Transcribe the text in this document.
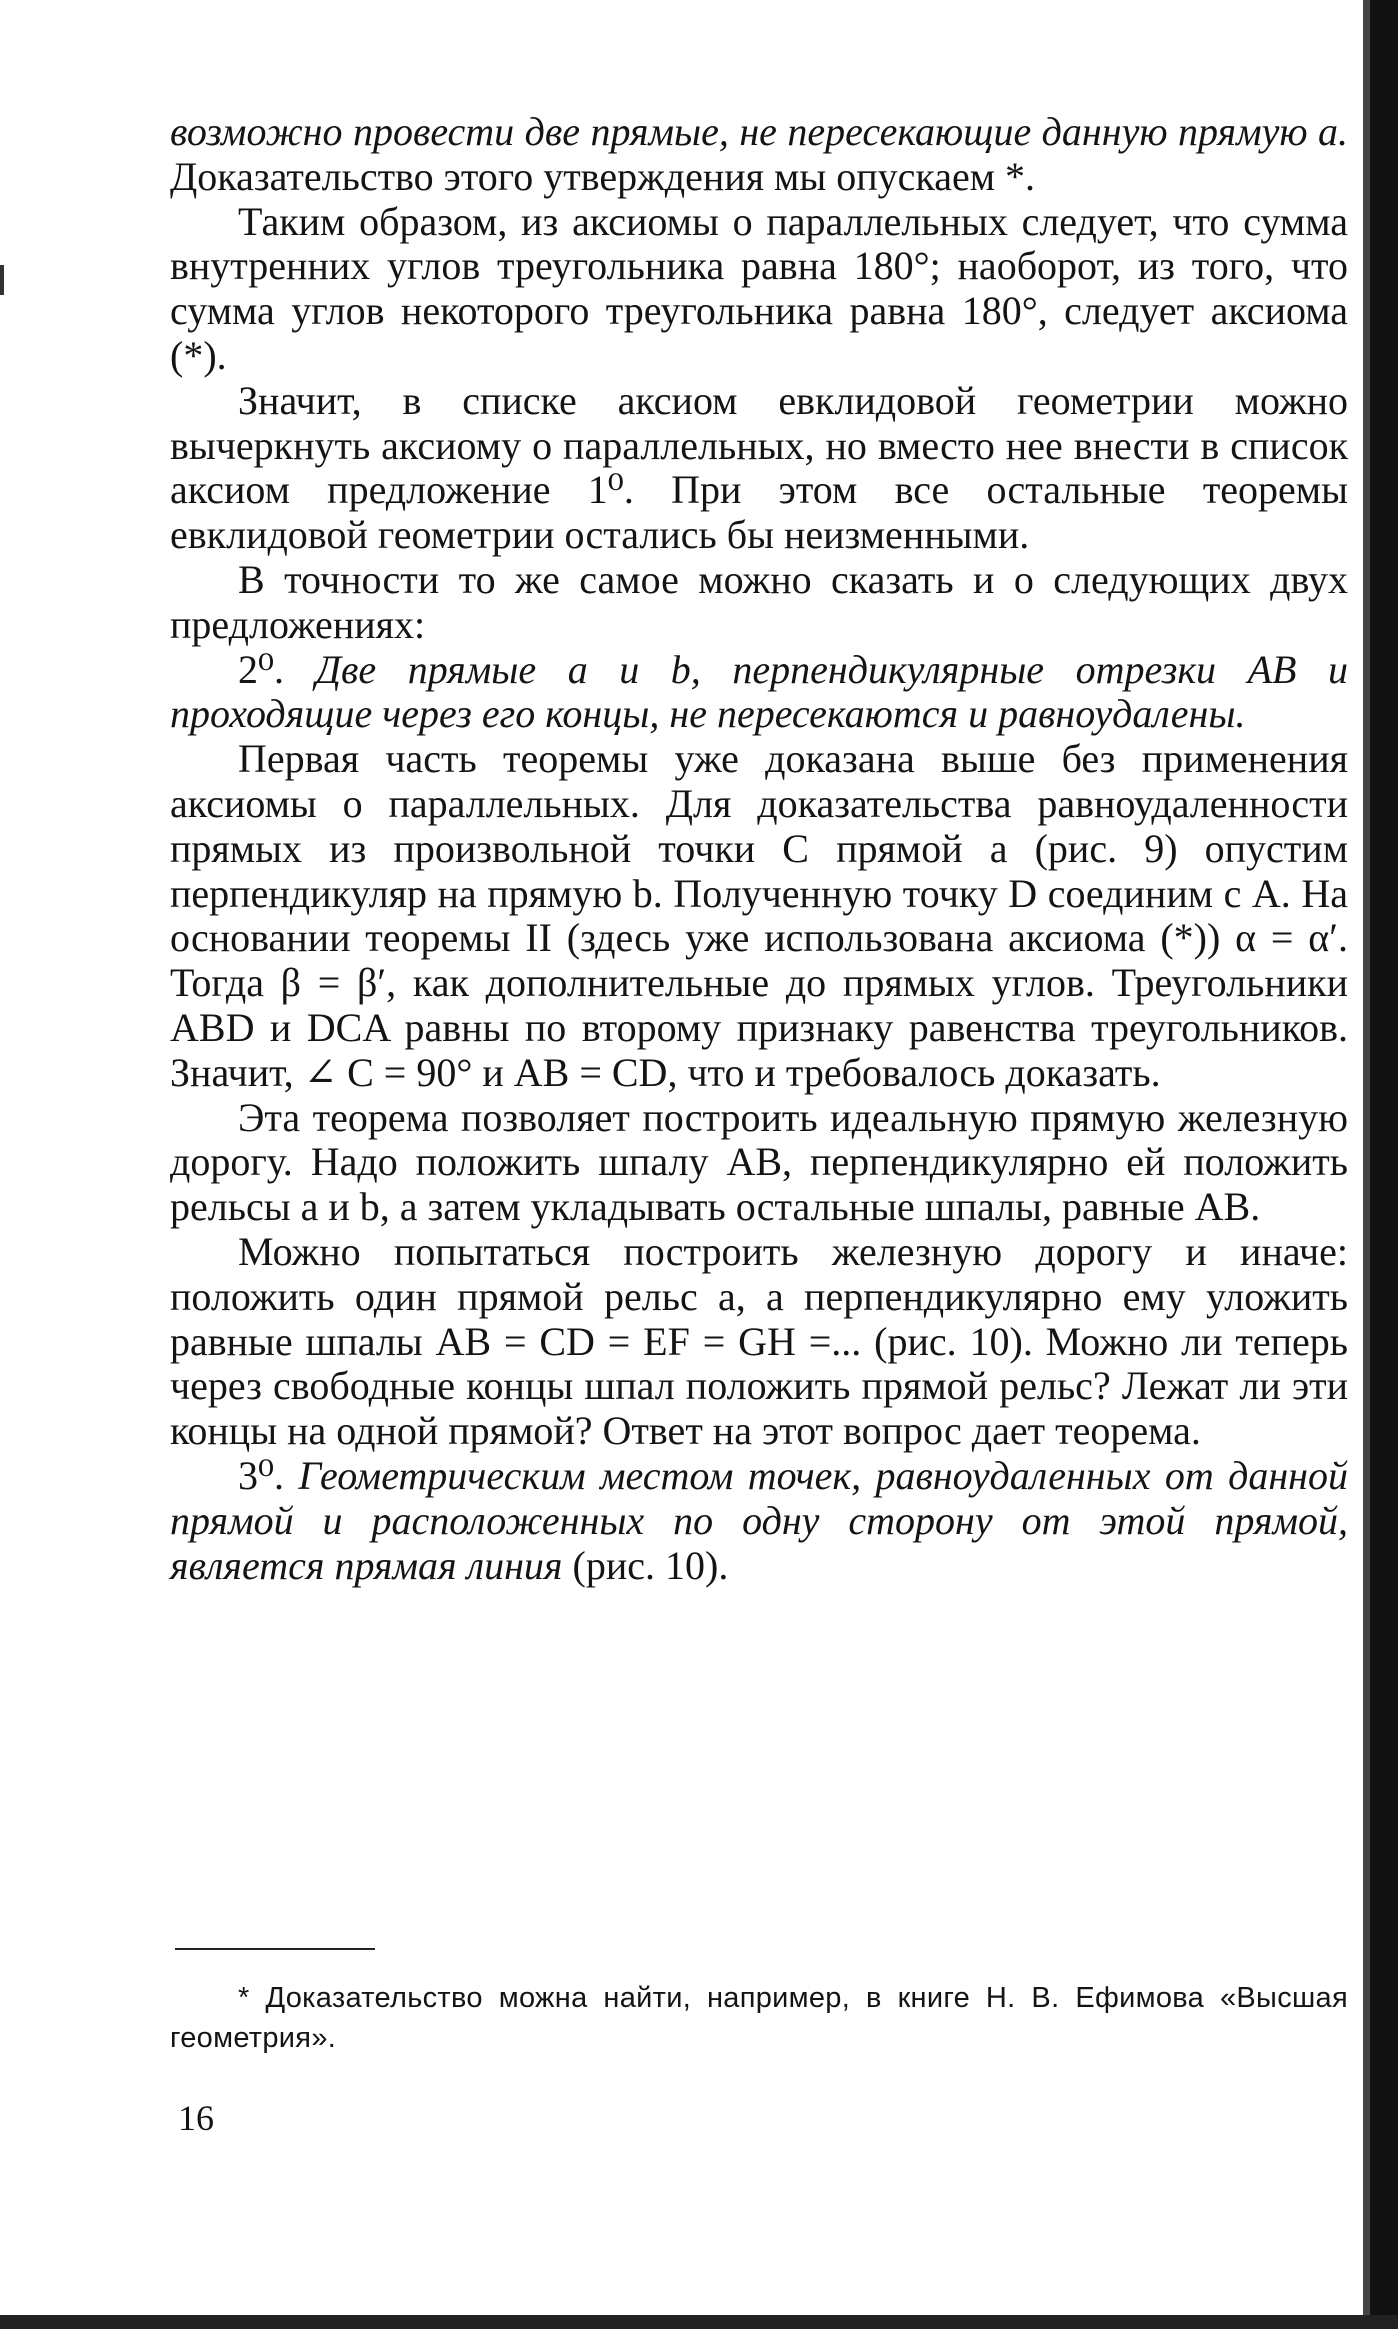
возможно провести две прямые, не пересекающие данную прямую а. Доказательство этого утверждения мы опускаем *.

Таким образом, из аксиомы о параллельных следует, что сумма внутренних углов треугольника равна 180°; наоборот, из того, что сумма углов некоторого треугольника равна 180°, следует аксиома (*).

Значит, в списке аксиом евклидовой геометрии можно вычеркнуть аксиому о параллельных, но вместо нее внести в список аксиом предложение 1⁰. При этом все остальные теоремы евклидовой геометрии остались бы неизменными.

В точности то же самое можно сказать и о следующих двух предложениях:

2⁰. Две прямые а и b, перпендикулярные отрезки AB и проходящие через его концы, не пересекаются и равноудалены.

Первая часть теоремы уже доказана выше без применения аксиомы о параллельных. Для доказательства равноудаленности прямых из произвольной точки C прямой a (рис. 9) опустим перпендикуляр на прямую b. Полученную точку D соединим с A. На основании теоремы II (здесь уже использована аксиома (*)) α = α′. Тогда β = β′, как дополнительные до прямых углов. Треугольники ABD и DCA равны по второму признаку равенства треугольников. Значит, ∠ C = 90° и AB = CD, что и требовалось доказать.

Эта теорема позволяет построить идеальную прямую железную дорогу. Надо положить шпалу AB, перпендикулярно ей положить рельсы a и b, а затем укладывать остальные шпалы, равные AB.

Можно попытаться построить железную дорогу и иначе: положить один прямой рельс a, а перпендикулярно ему уложить равные шпалы AB = CD = EF = GH =... (рис. 10). Можно ли теперь через свободные концы шпал положить прямой рельс? Лежат ли эти концы на одной прямой? Ответ на этот вопрос дает теорема.

3⁰. Геометрическим местом точек, равноудаленных от данной прямой и расположенных по одну сторону от этой прямой, является прямая линия (рис. 10).

* Доказательство можна найти, например, в книге Н. В. Ефимова «Высшая геометрия».
16
